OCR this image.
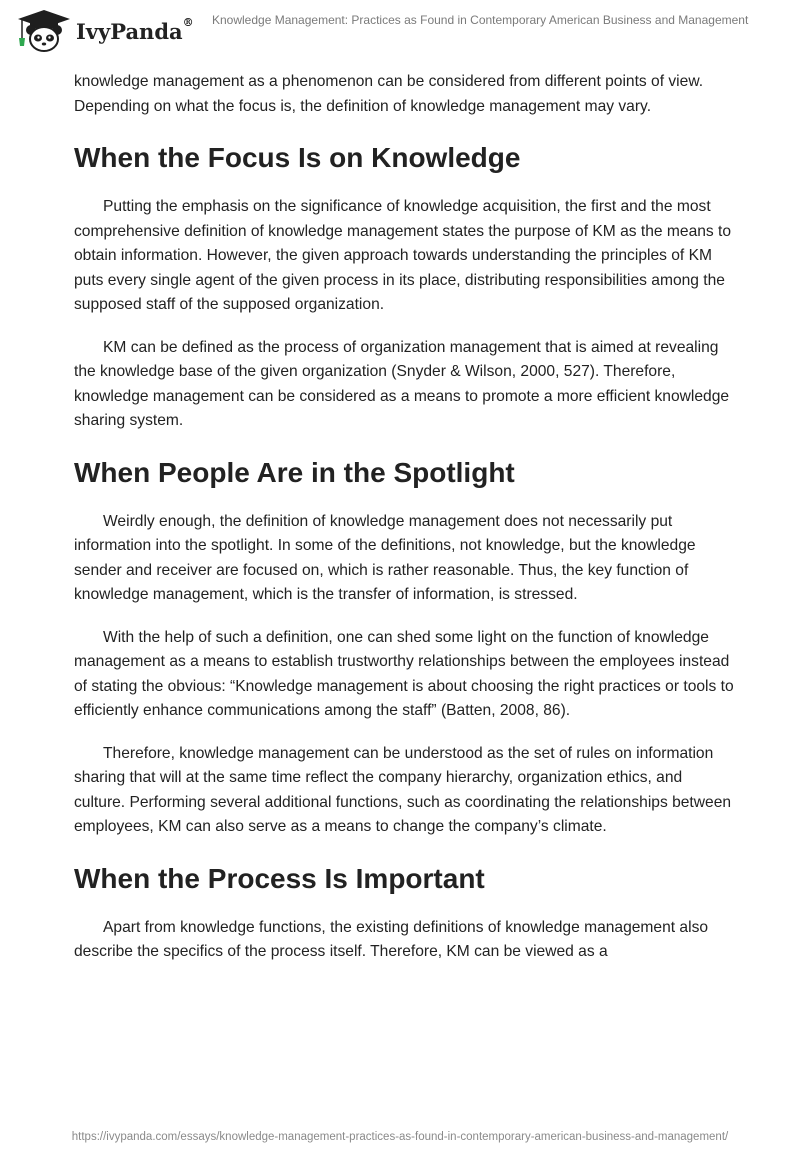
IvyPanda® Knowledge Management: Practices as Found in Contemporary American Business and Management

knowledge management as a phenomenon can be considered from different points of view. Depending on what the focus is, the definition of knowledge management may vary.

When the Focus Is on Knowledge

Putting the emphasis on the significance of knowledge acquisition, the first and the most comprehensive definition of knowledge management states the purpose of KM as the means to obtain information. However, the given approach towards understanding the principles of KM puts every single agent of the given process in its place, distributing responsibilities among the supposed staff of the supposed organization.

KM can be defined as the process of organization management that is aimed at revealing the knowledge base of the given organization (Snyder & Wilson, 2000, 527). Therefore, knowledge management can be considered as a means to promote a more efficient knowledge sharing system.

When People Are in the Spotlight

Weirdly enough, the definition of knowledge management does not necessarily put information into the spotlight. In some of the definitions, not knowledge, but the knowledge sender and receiver are focused on, which is rather reasonable. Thus, the key function of knowledge management, which is the transfer of information, is stressed.

With the help of such a definition, one can shed some light on the function of knowledge management as a means to establish trustworthy relationships between the employees instead of stating the obvious: “Knowledge management is about choosing the right practices or tools to efficiently enhance communications among the staff” (Batten, 2008, 86).

Therefore, knowledge management can be understood as the set of rules on information sharing that will at the same time reflect the company hierarchy, organization ethics, and culture. Performing several additional functions, such as coordinating the relationships between employees, KM can also serve as a means to change the company’s climate.

When the Process Is Important

Apart from knowledge functions, the existing definitions of knowledge management also describe the specifics of the process itself. Therefore, KM can be viewed as a

https://ivypanda.com/essays/knowledge-management-practices-as-found-in-contemporary-american-business-and-management/
